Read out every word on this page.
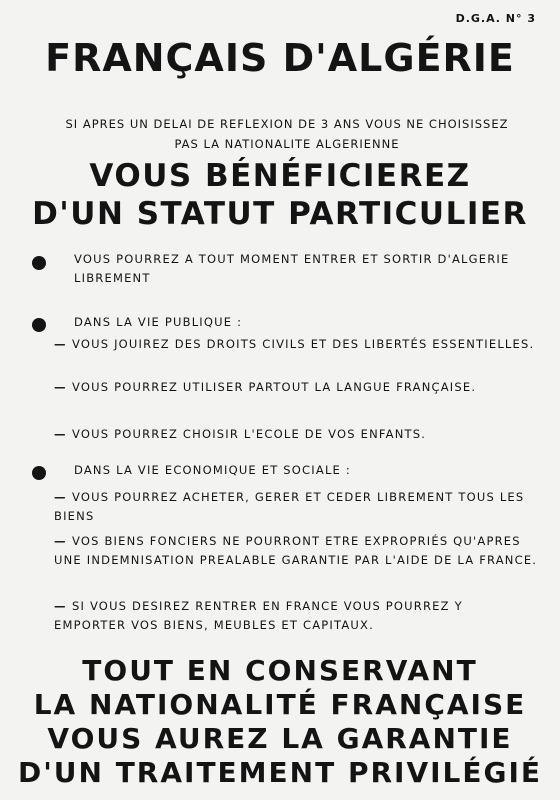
D.G.A. N° 3
FRANÇAIS D'ALGÉRIE
SI APRES UN DELAI DE REFLEXION DE 3 ANS VOUS NE CHOISISSEZ PAS LA NATIONALITE ALGERIENNE
VOUS BÉNÉFICIEREZ
D'UN STATUT PARTICULIER
VOUS POURREZ A TOUT MOMENT ENTRER ET SORTIR D'ALGERIE LIBREMENT
DANS LA VIE PUBLIQUE :
— VOUS JOUIREZ DES DROITS CIVILS ET DES LIBERTÉS ESSENTIELLES.
— VOUS POURREZ UTILISER PARTOUT LA LANGUE FRANÇAISE.
— VOUS POURREZ CHOISIR L'ECOLE DE VOS ENFANTS.
DANS LA VIE ECONOMIQUE ET SOCIALE :
— VOUS POURREZ ACHETER, GERER ET CEDER LIBREMENT TOUS LES BIENS
— VOS BIENS FONCIERS NE POURRONT ETRE EXPROPRIÉS QU'APRES UNE INDEMNISATION PREALABLE GARANTIE PAR L'AIDE DE LA FRANCE.
— SI VOUS DESIREZ RENTRER EN FRANCE VOUS POURREZ Y EMPORTER VOS BIENS, MEUBLES ET CAPITAUX.
TOUT EN CONSERVANT
LA NATIONALITÉ FRANÇAISE
VOUS AUREZ LA GARANTIE
D'UN TRAITEMENT PRIVILÉGIÉ
